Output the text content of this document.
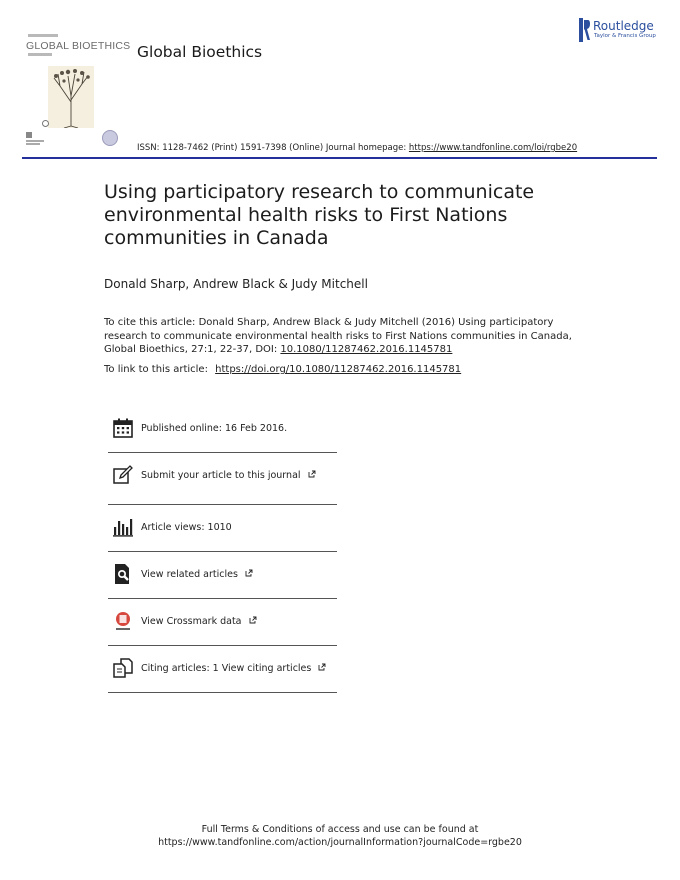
GLOBAL BIOETHICS Global Bioethics
Routledge
Taylor & Francis Group
ISSN: 1128-7462 (Print) 1591-7398 (Online) Journal homepage: https://www.tandfonline.com/loi/rgbe20
Using participatory research to communicate environmental health risks to First Nations communities in Canada
Donald Sharp, Andrew Black & Judy Mitchell
To cite this article: Donald Sharp, Andrew Black & Judy Mitchell (2016) Using participatory research to communicate environmental health risks to First Nations communities in Canada, Global Bioethics, 27:1, 22-37, DOI: 10.1080/11287462.2016.1145781
To link to this article: https://doi.org/10.1080/11287462.2016.1145781
Published online: 16 Feb 2016.
Submit your article to this journal
Article views: 1010
View related articles
View Crossmark data
Citing articles: 1 View citing articles
Full Terms & Conditions of access and use can be found at
https://www.tandfonline.com/action/journalInformation?journalCode=rgbe20
